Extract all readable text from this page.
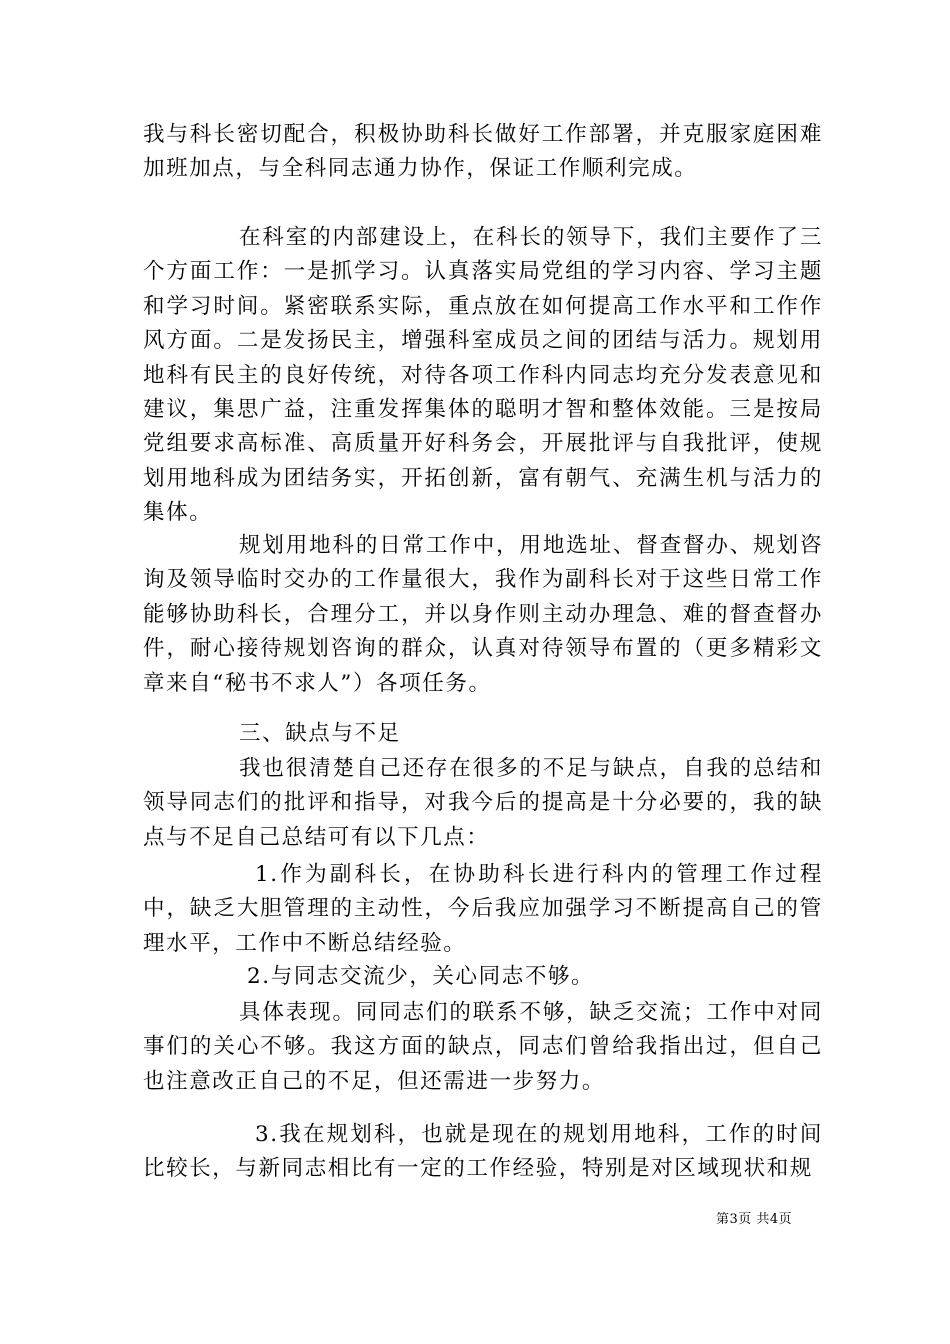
我与科长密切配合，积极协助科长做好工作部署，并克服家庭困难加班加点，与全科同志通力协作，保证工作顺利完成。

在科室的内部建设上，在科长的领导下，我们主要作了三个方面工作：一是抓学习。认真落实局党组的学习内容、学习主题和学习时间。紧密联系实际，重点放在如何提高工作水平和工作作风方面。二是发扬民主，增强科室成员之间的团结与活力。规划用地科有民主的良好传统，对待各项工作科内同志均充分发表意见和建议，集思广益，注重发挥集体的聪明才智和整体效能。三是按局党组要求高标准、高质量开好科务会，开展批评与自我批评，使规划用地科成为团结务实，开拓创新，富有朝气、充满生机与活力的集体。

规划用地科的日常工作中，用地选址、督查督办、规划咨询及领导临时交办的工作量很大，我作为副科长对于这些日常工作能够协助科长，合理分工，并以身作则主动办理急、难的督查督办件，耐心接待规划咨询的群众，认真对待领导布置的（更多精彩文章来自“秘书不求人”）各项任务。

三、缺点与不足

我也很清楚自己还存在很多的不足与缺点，自我的总结和领导同志们的批评和指导，对我今后的提高是十分必要的，我的缺点与不足自己总结可有以下几点：

1.作为副科长，在协助科长进行科内的管理工作过程中，缺乏大胆管理的主动性，今后我应加强学习不断提高自己的管理水平，工作中不断总结经验。

2.与同志交流少，关心同志不够。

具体表现。同同志们的联系不够，缺乏交流；工作中对同事们的关心不够。我这方面的缺点，同志们曾给我指出过，但自己也注意改正自己的不足，但还需进一步努力。

3.我在规划科，也就是现在的规划用地科，工作的时间比较长，与新同志相比有一定的工作经验，特别是对区域现状和规

第3页 共4页
